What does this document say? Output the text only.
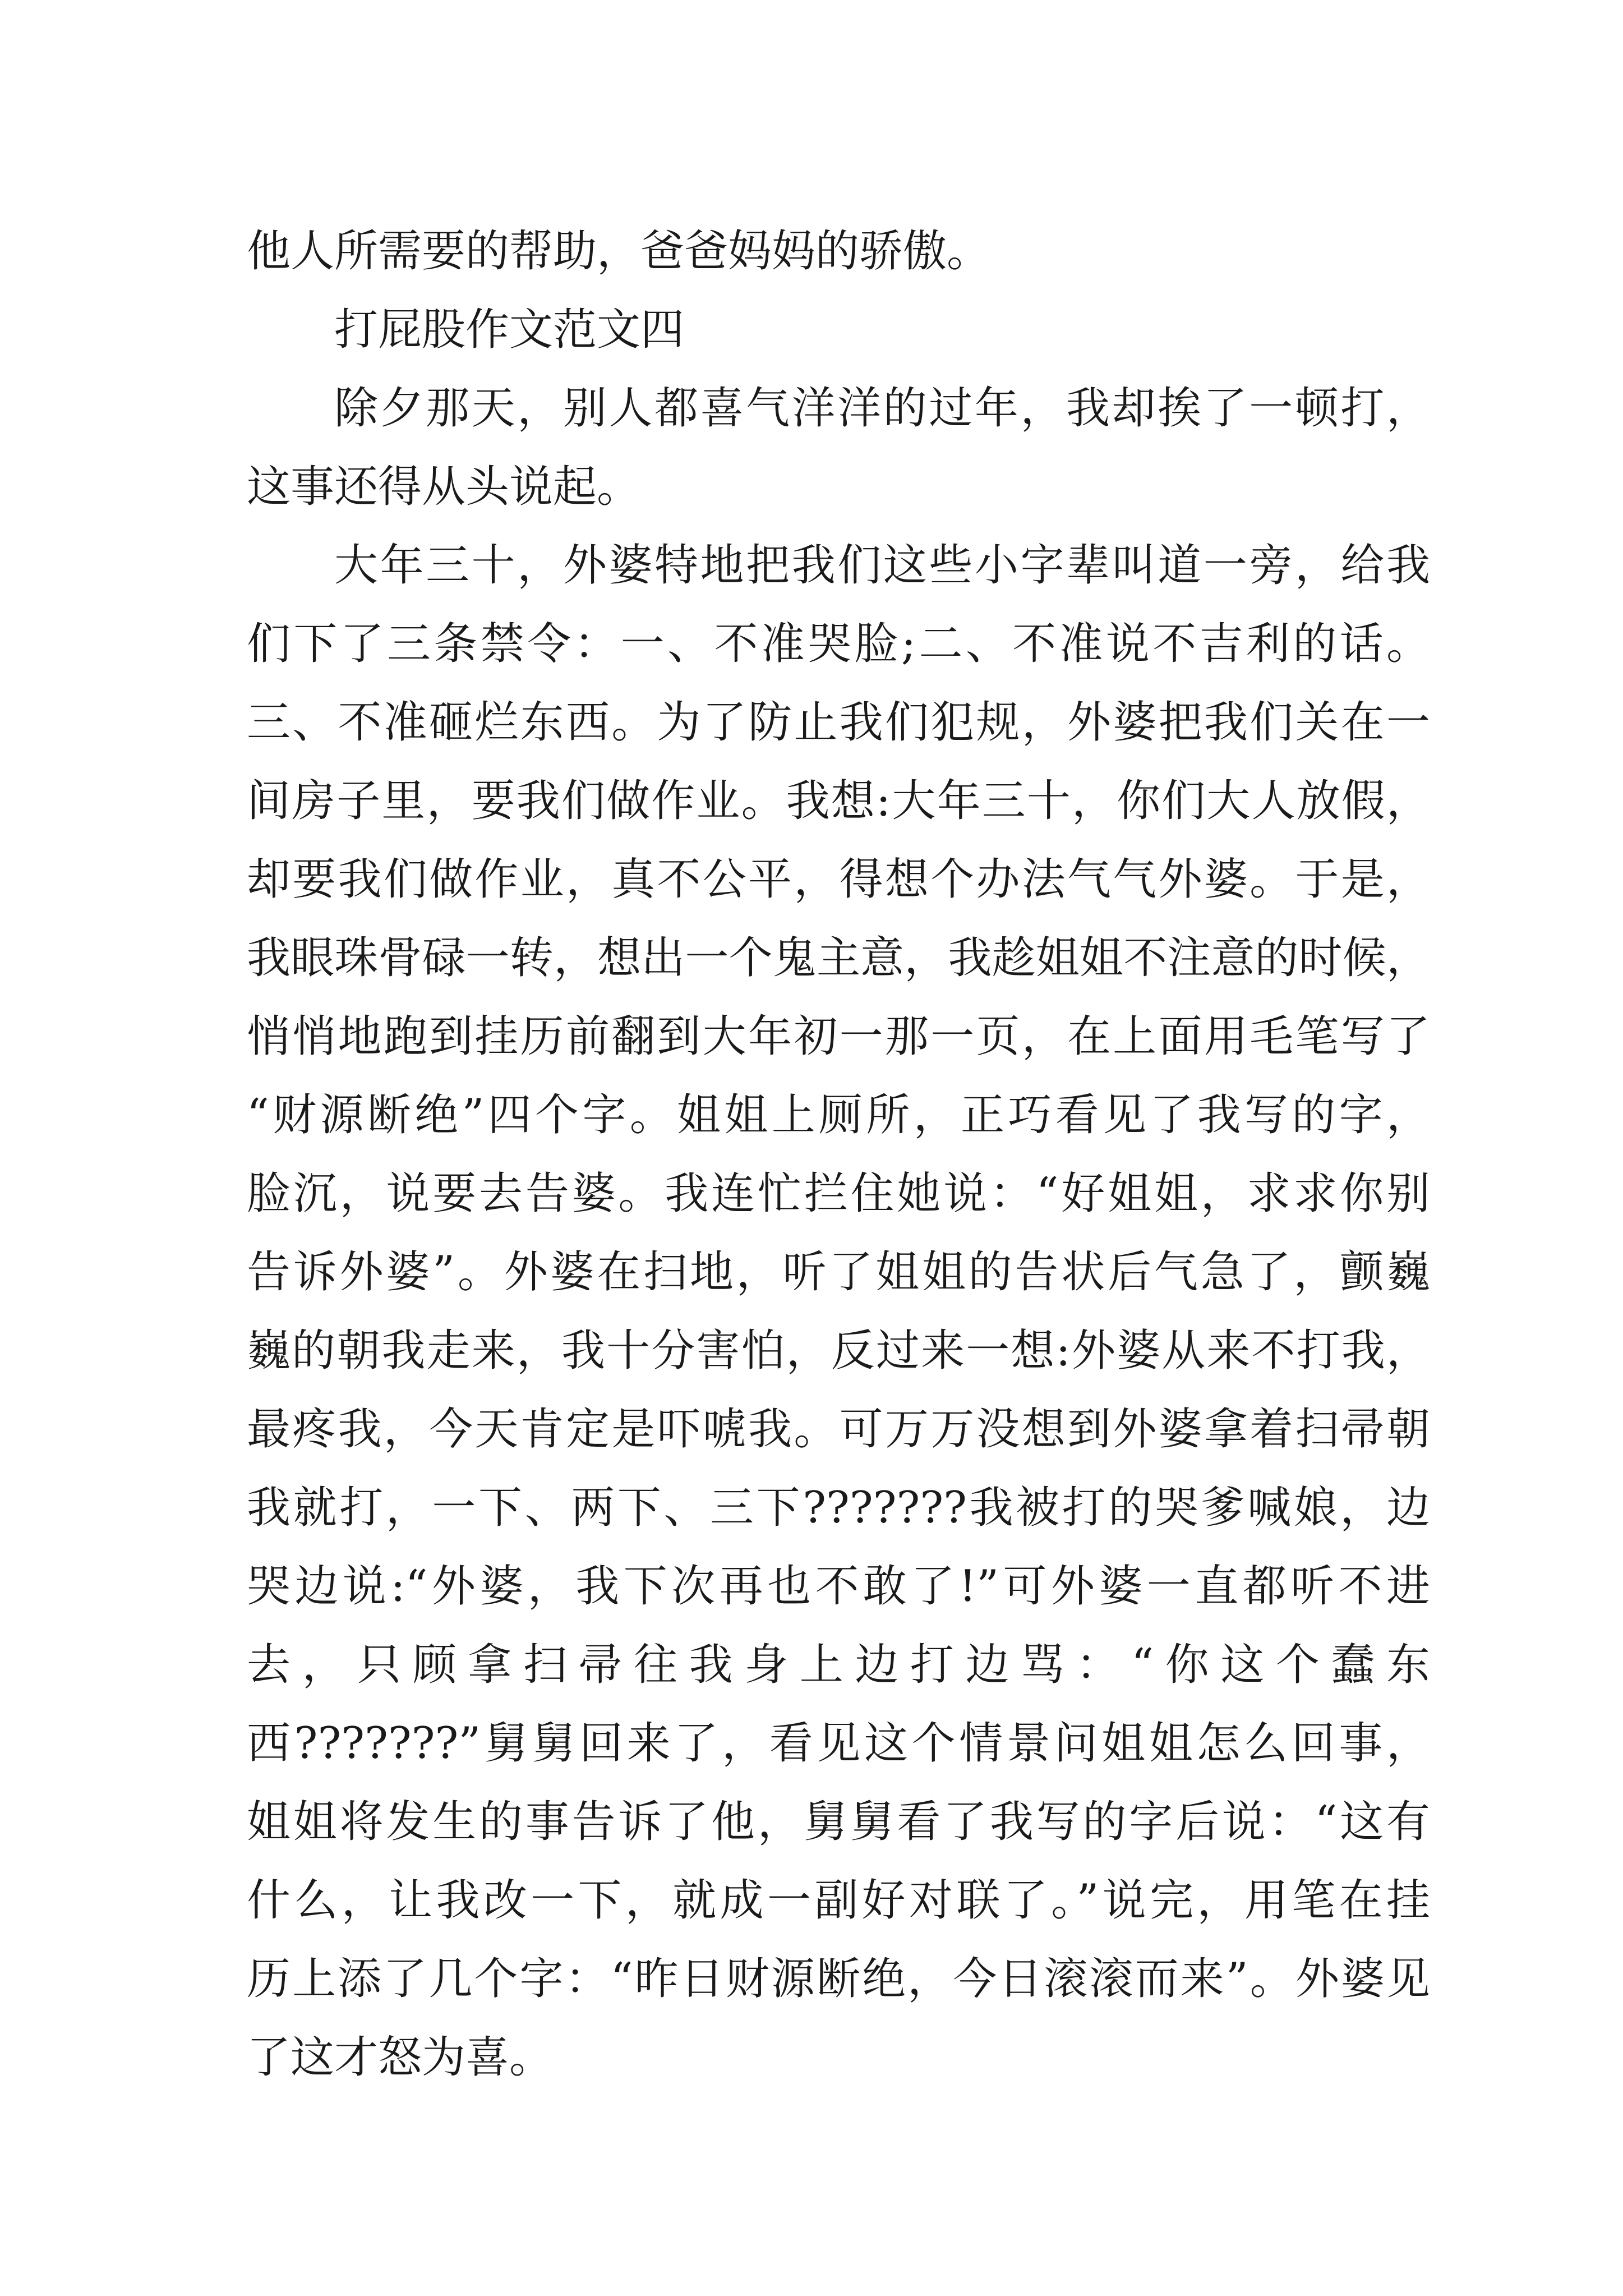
他人所需要的帮助，爸爸妈妈的骄傲。
打屁股作文范文四
除夕那天，别人都喜气洋洋的过年，我却挨了一顿打，
这事还得从头说起。
大年三十，外婆特地把我们这些小字辈叫道一旁，给我
们下了三条禁令：一、不准哭脸;二、不准说不吉利的话。
三、不准砸烂东西。为了防止我们犯规，外婆把我们关在一
间房子里，要我们做作业。我想:大年三十，你们大人放假，
却要我们做作业，真不公平，得想个办法气气外婆。于是，
我眼珠骨碌一转，想出一个鬼主意，我趁姐姐不注意的时候，
悄悄地跑到挂历前翻到大年初一那一页，在上面用毛笔写了
“财源断绝”四个字。姐姐上厕所，正巧看见了我写的字，
脸沉，说要去告婆。我连忙拦住她说：“好姐姐，求求你别
告诉外婆”。外婆在扫地，听了姐姐的告状后气急了，颤巍
巍的朝我走来，我十分害怕，反过来一想:外婆从来不打我，
最疼我，今天肯定是吓唬我。可万万没想到外婆拿着扫帚朝
我就打，一下、两下、三下???????我被打的哭爹喊娘，边
哭边说:“外婆，我下次再也不敢了!”可外婆一直都听不进
去，只顾拿扫帚往我身上边打边骂：“你这个蠢东
西???????”舅舅回来了，看见这个情景问姐姐怎么回事，
姐姐将发生的事告诉了他，舅舅看了我写的字后说：“这有
什么，让我改一下，就成一副好对联了。”说完，用笔在挂
历上添了几个字：“昨日财源断绝，今日滚滚而来”。外婆见
了这才怒为喜。
